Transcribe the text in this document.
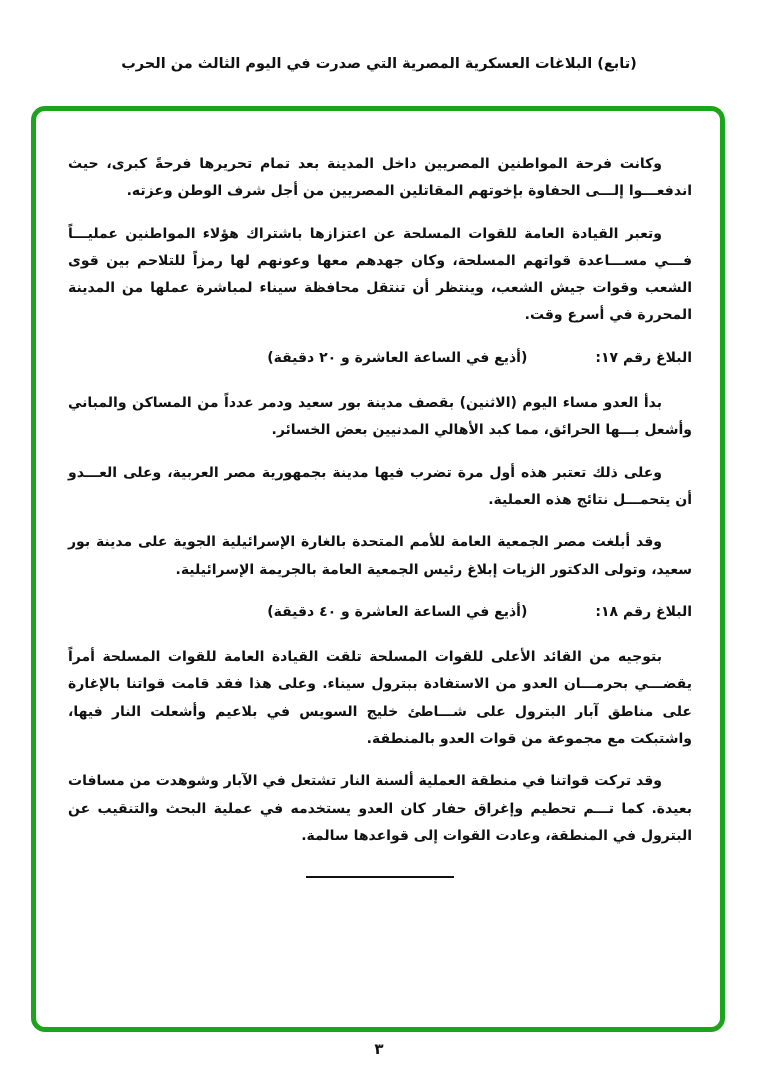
(تابع) البلاغات العسكرية المصرية التي صدرت في اليوم الثالث من الحرب

وكانت فرحة المواطنين المصريين داخل المدينة بعد تمام تحريرها فرحةً كبرى، حيث اندفعـــوا إلـــى الحفاوة بإخوتهم المقاتلين المصريين من أجل شرف الوطن وعزته.

وتعبر القيادة العامة للقوات المسلحة عن اعتزازها باشتراك هؤلاء المواطنين عمليـــاً فـــي مســـاعدة قواتهم المسلحة، وكان جهدهم معها وعونهم لها رمزاً للتلاحم بين قوى الشعب وقوات جيش الشعب، وينتظر أن تنتقل محافظة سيناء لمباشرة عملها من المدينة المحررة في أسرع وقت.

البلاغ رقم ١٧:
(أذيع في الساعة العاشرة و ٢٠ دقيقة)

بدأ العدو مساء اليوم (الاثنين) بقصف مدينة بور سعيد ودمر عدداً من المساكن والمباني وأشعل بـــها الحرائق، مما كبد الأهالي المدنيين بعض الخسائر.

وعلى ذلك تعتبر هذه أول مرة تضرب فيها مدينة بجمهورية مصر العربية، وعلى العـــدو أن يتحمـــل نتائج هذه العملية.

وقد أبلغت مصر الجمعية العامة للأمم المتحدة بالغارة الإسرائيلية الجوية على مدينة بور سعيد، وتولى الدكتور الزيات إبلاغ رئيس الجمعية العامة بالجريمة الإسرائيلية.

البلاغ رقم ١٨:
(أذيع في الساعة العاشرة و ٤٠ دقيقة)

بتوجيه من القائد الأعلى للقوات المسلحة تلقت القيادة العامة للقوات المسلحة أمراً يقضـــي بحرمـــان العدو من الاستفادة ببترول سيناء. وعلى هذا فقد قامت قواتنا بالإغارة على مناطق آبار البترول على شـــاطئ خليج السويس في بلاعيم وأشعلت النار فيها، واشتبكت مع مجموعة من قوات العدو بالمنطقة.

وقد تركت قواتنا في منطقة العملية ألسنة النار تشتعل في الآبار وشوهدت من مسافات بعيدة. كما تـــم تحطيم وإغراق حفار كان العدو يستخدمه في عملية البحث والتنقيب عن البترول في المنطقة، وعادت القوات إلى قواعدها سالمة.

٣
